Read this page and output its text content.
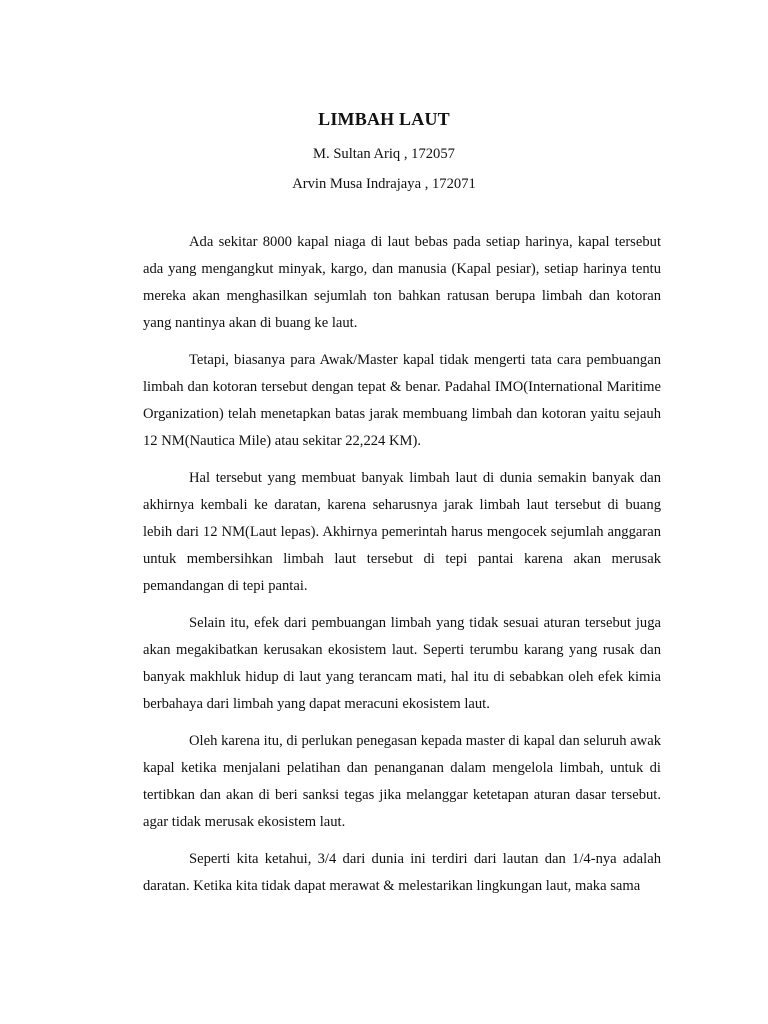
LIMBAH LAUT
M. Sultan Ariq , 172057
Arvin Musa Indrajaya , 172071

Ada sekitar 8000 kapal niaga di laut bebas pada setiap harinya, kapal tersebut ada yang mengangkut minyak, kargo, dan manusia (Kapal pesiar), setiap harinya tentu mereka akan menghasilkan sejumlah ton bahkan ratusan berupa limbah dan kotoran yang nantinya akan di buang ke laut.

Tetapi, biasanya para Awak/Master kapal tidak mengerti tata cara pembuangan limbah dan kotoran tersebut dengan tepat & benar. Padahal IMO(International Maritime Organization) telah menetapkan batas jarak membuang limbah dan kotoran yaitu sejauh 12 NM(Nautica Mile) atau sekitar 22,224 KM).

Hal tersebut yang membuat banyak limbah laut di dunia semakin banyak dan akhirnya kembali ke daratan, karena seharusnya jarak limbah laut tersebut di buang lebih dari 12 NM(Laut lepas). Akhirnya pemerintah harus mengocek sejumlah anggaran untuk membersihkan limbah laut tersebut di tepi pantai karena akan merusak pemandangan di tepi pantai.

Selain itu, efek dari pembuangan limbah yang tidak sesuai aturan tersebut juga akan megakibatkan kerusakan ekosistem laut. Seperti terumbu karang yang rusak dan banyak makhluk hidup di laut yang terancam mati, hal itu di sebabkan oleh efek kimia berbahaya dari limbah yang dapat meracuni ekosistem laut.

Oleh karena itu, di perlukan penegasan kepada master di kapal dan seluruh awak kapal ketika menjalani pelatihan dan penanganan dalam mengelola limbah, untuk di tertibkan dan akan di beri sanksi tegas jika melanggar ketetapan aturan dasar tersebut. agar tidak merusak ekosistem laut.

Seperti kita ketahui, 3/4 dari dunia ini terdiri dari lautan dan 1/4-nya adalah daratan. Ketika kita tidak dapat merawat & melestarikan lingkungan laut, maka sama
